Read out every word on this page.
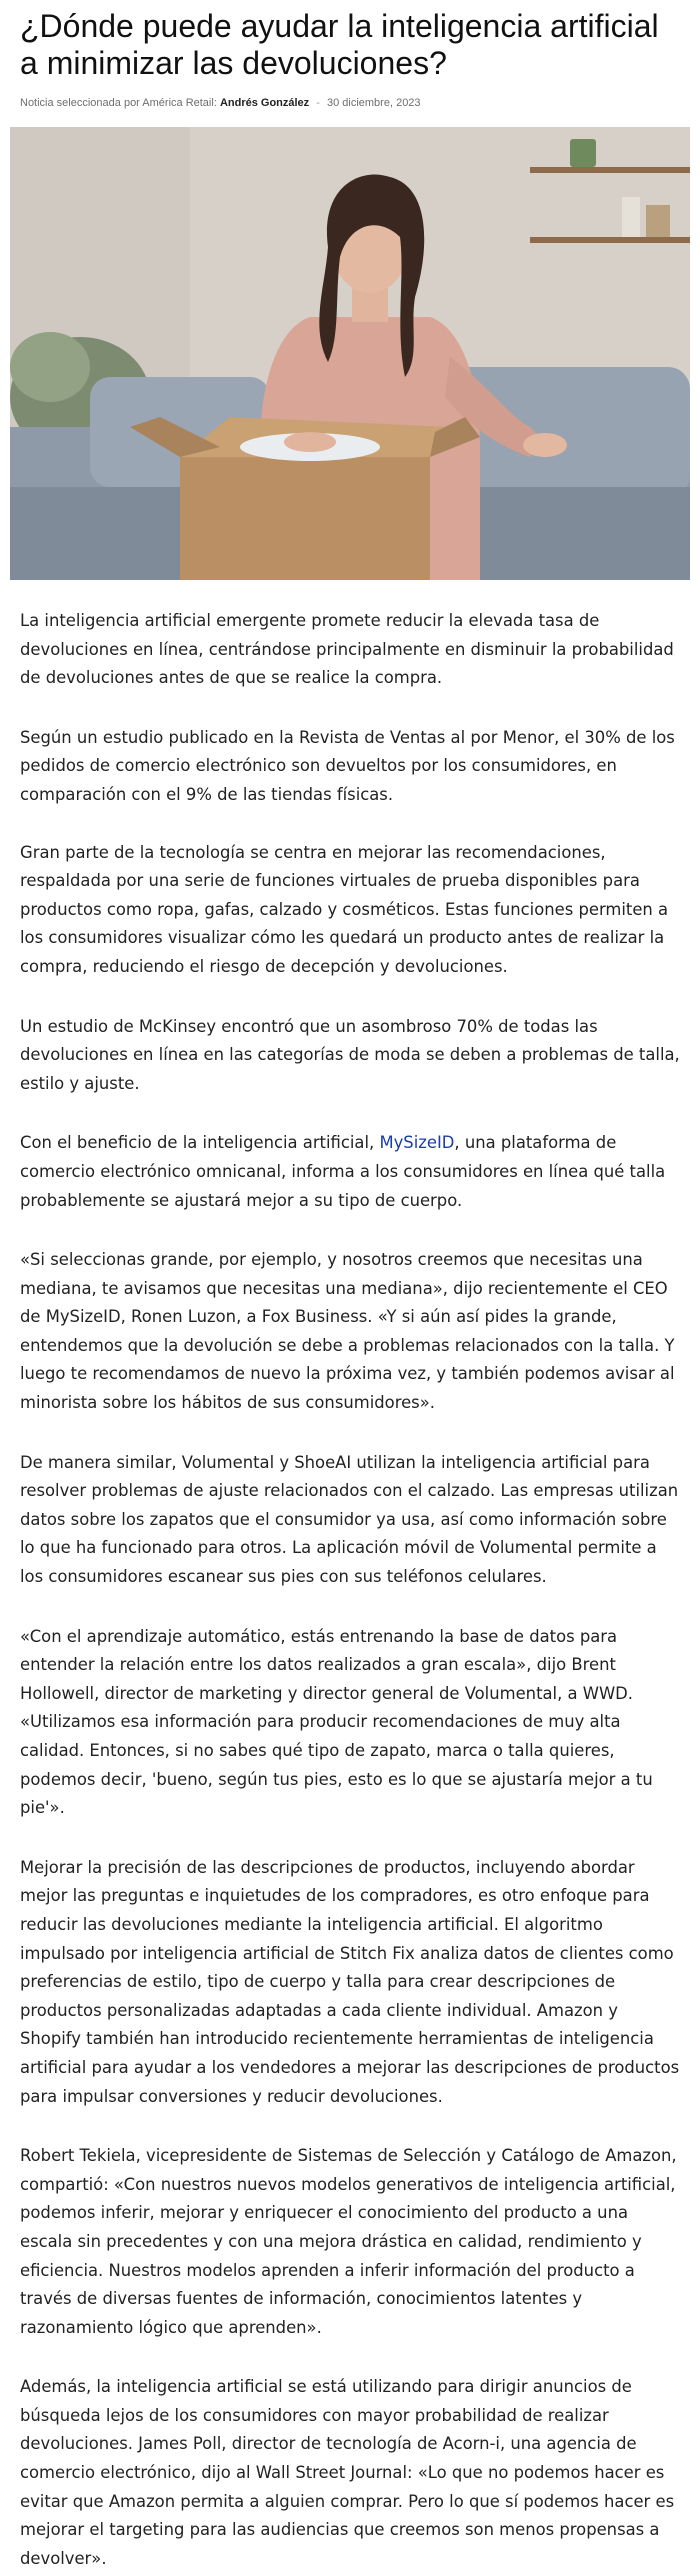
¿Dónde puede ayudar la inteligencia artificial a minimizar las devoluciones?
Noticia seleccionada por América Retail: Andrés González - 30 diciembre, 2023

La inteligencia artificial emergente promete reducir la elevada tasa de devoluciones en línea, centrándose principalmente en disminuir la probabilidad de devoluciones antes de que se realice la compra.

Según un estudio publicado en la Revista de Ventas al por Menor, el 30% de los pedidos de comercio electrónico son devueltos por los consumidores, en comparación con el 9% de las tiendas físicas.

Gran parte de la tecnología se centra en mejorar las recomendaciones, respaldada por una serie de funciones virtuales de prueba disponibles para productos como ropa, gafas, calzado y cosméticos. Estas funciones permiten a los consumidores visualizar cómo les quedará un producto antes de realizar la compra, reduciendo el riesgo de decepción y devoluciones.

Un estudio de McKinsey encontró que un asombroso 70% de todas las devoluciones en línea en las categorías de moda se deben a problemas de talla, estilo y ajuste.

Con el beneficio de la inteligencia artificial, MySizeID, una plataforma de comercio electrónico omnicanal, informa a los consumidores en línea qué talla probablemente se ajustará mejor a su tipo de cuerpo.

«Si seleccionas grande, por ejemplo, y nosotros creemos que necesitas una mediana, te avisamos que necesitas una mediana», dijo recientemente el CEO de MySizeID, Ronen Luzon, a Fox Business. «Y si aún así pides la grande, entendemos que la devolución se debe a problemas relacionados con la talla. Y luego te recomendamos de nuevo la próxima vez, y también podemos avisar al minorista sobre los hábitos de sus consumidores».

De manera similar, Volumental y ShoeAI utilizan la inteligencia artificial para resolver problemas de ajuste relacionados con el calzado. Las empresas utilizan datos sobre los zapatos que el consumidor ya usa, así como información sobre lo que ha funcionado para otros. La aplicación móvil de Volumental permite a los consumidores escanear sus pies con sus teléfonos celulares.

«Con el aprendizaje automático, estás entrenando la base de datos para entender la relación entre los datos realizados a gran escala», dijo Brent Hollowell, director de marketing y director general de Volumental, a WWD. «Utilizamos esa información para producir recomendaciones de muy alta calidad. Entonces, si no sabes qué tipo de zapato, marca o talla quieres, podemos decir, 'bueno, según tus pies, esto es lo que se ajustaría mejor a tu pie'».

Mejorar la precisión de las descripciones de productos, incluyendo abordar mejor las preguntas e inquietudes de los compradores, es otro enfoque para reducir las devoluciones mediante la inteligencia artificial. El algoritmo impulsado por inteligencia artificial de Stitch Fix analiza datos de clientes como preferencias de estilo, tipo de cuerpo y talla para crear descripciones de productos personalizadas adaptadas a cada cliente individual. Amazon y Shopify también han introducido recientemente herramientas de inteligencia artificial para ayudar a los vendedores a mejorar las descripciones de productos para impulsar conversiones y reducir devoluciones.

Robert Tekiela, vicepresidente de Sistemas de Selección y Catálogo de Amazon, compartió: «Con nuestros nuevos modelos generativos de inteligencia artificial, podemos inferir, mejorar y enriquecer el conocimiento del producto a una escala sin precedentes y con una mejora drástica en calidad, rendimiento y eficiencia. Nuestros modelos aprenden a inferir información del producto a través de diversas fuentes de información, conocimientos latentes y razonamiento lógico que aprenden».

Además, la inteligencia artificial se está utilizando para dirigir anuncios de búsqueda lejos de los consumidores con mayor probabilidad de realizar devoluciones. James Poll, director de tecnología de Acorn-i, una agencia de comercio electrónico, dijo al Wall Street Journal: «Lo que no podemos hacer es evitar que Amazon permita a alguien comprar. Pero lo que sí podemos hacer es mejorar el targeting para las audiencias que creemos son menos propensas a devolver».
